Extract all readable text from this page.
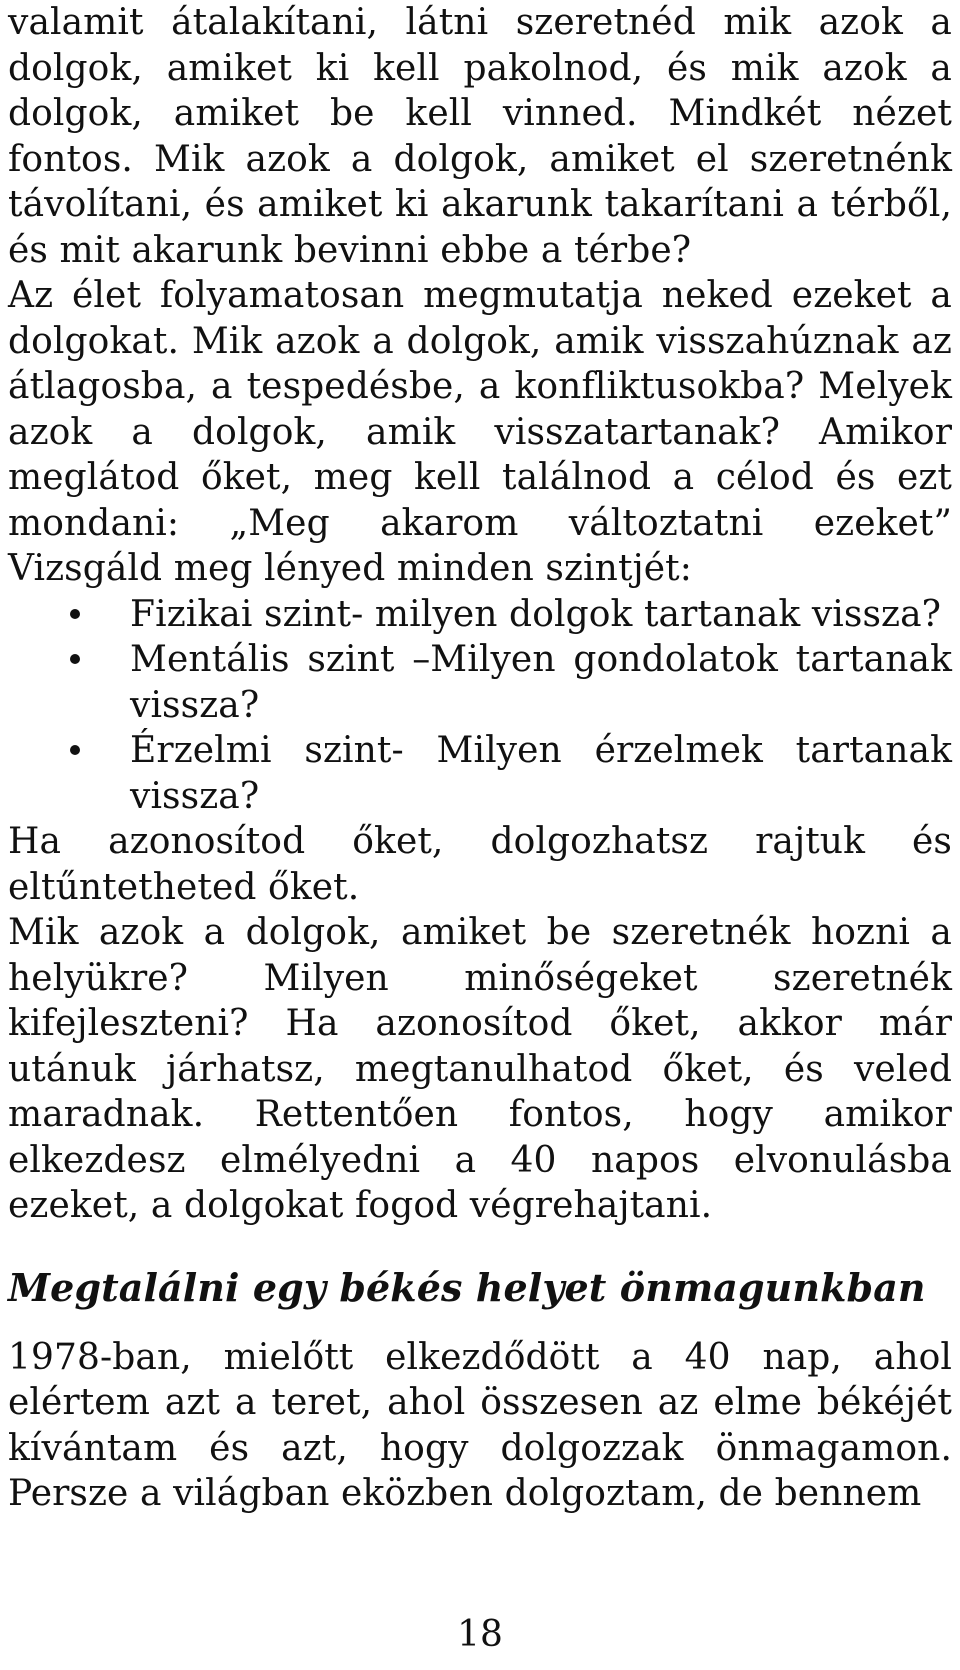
valamit átalakítani, látni szeretnéd mik azok a dolgok, amiket ki kell pakolnod, és mik azok a dolgok, amiket be kell vinned. Mindkét nézet fontos. Mik azok a dolgok, amiket el szeretnénk távolítani, és amiket ki akarunk takarítani a térből, és mit akarunk bevinni ebbe a térbe?

Az élet folyamatosan megmutatja neked ezeket a dolgokat. Mik azok a dolgok, amik visszahúznak az átlagosba, a tespedésbe, a konfliktusokba? Melyek azok a dolgok, amik visszatartanak? Amikor meglátod őket, meg kell találnod a célod és ezt mondani: „Meg akarom változtatni ezeket” Vizsgáld meg lényed minden szintjét:

Fizikai szint- milyen dolgok tartanak vissza?
Mentális szint –Milyen gondolatok tartanak vissza?
Érzelmi szint- Milyen érzelmek tartanak vissza?

Ha azonosítod őket, dolgozhatsz rajtuk és eltűntetheted őket.

Mik azok a dolgok, amiket be szeretnék hozni a helyükre? Milyen minőségeket szeretnék kifejleszteni? Ha azonosítod őket, akkor már utánuk járhatsz, megtanulhatod őket, és veled maradnak. Rettentően fontos, hogy amikor elkezdesz elmélyedni a 40 napos elvonulásba ezeket, a dolgokat fogod végrehajtani.

Megtalálni egy békés helyet önmagunkban

1978-ban, mielőtt elkezdődött a 40 nap, ahol elértem azt a teret, ahol összesen az elme békéjét kívántam és azt, hogy dolgozzak önmagamon. Persze a világban eközben dolgoztam, de bennem

18
